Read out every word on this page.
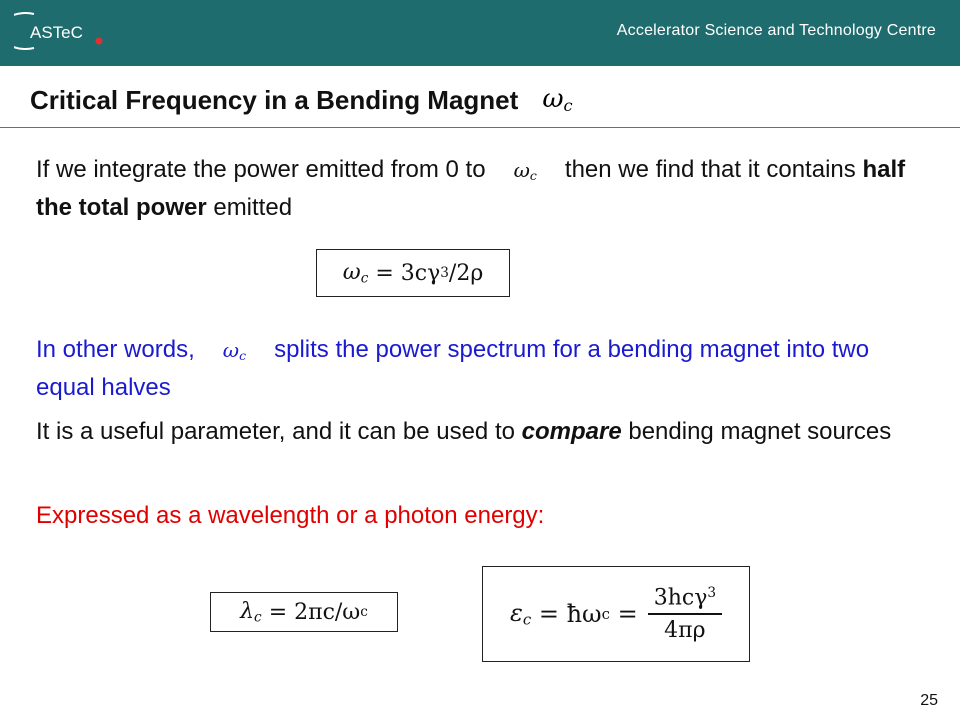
ASTeC	Accelerator Science and Technology Centre
Critical Frequency in a Bending Magnet $\omega_c$
If we integrate the power emitted from 0 to $\omega_c$ then we find that it contains half the total power emitted
$\omega_c$
= 3cγ 3 /2ρ
In other words, $\omega_c$ splits the power spectrum for a bending magnet into two equal halves
It is a useful parameter, and it can be used to compare bending magnet sources
Expressed as a wavelength or a photon energy:
$\lambda_c$
= 2πc/ω c	$\varepsilon_c$
= ħω c
= $\frac{3hc\gamma^3}{4\pi\rho}$
25
